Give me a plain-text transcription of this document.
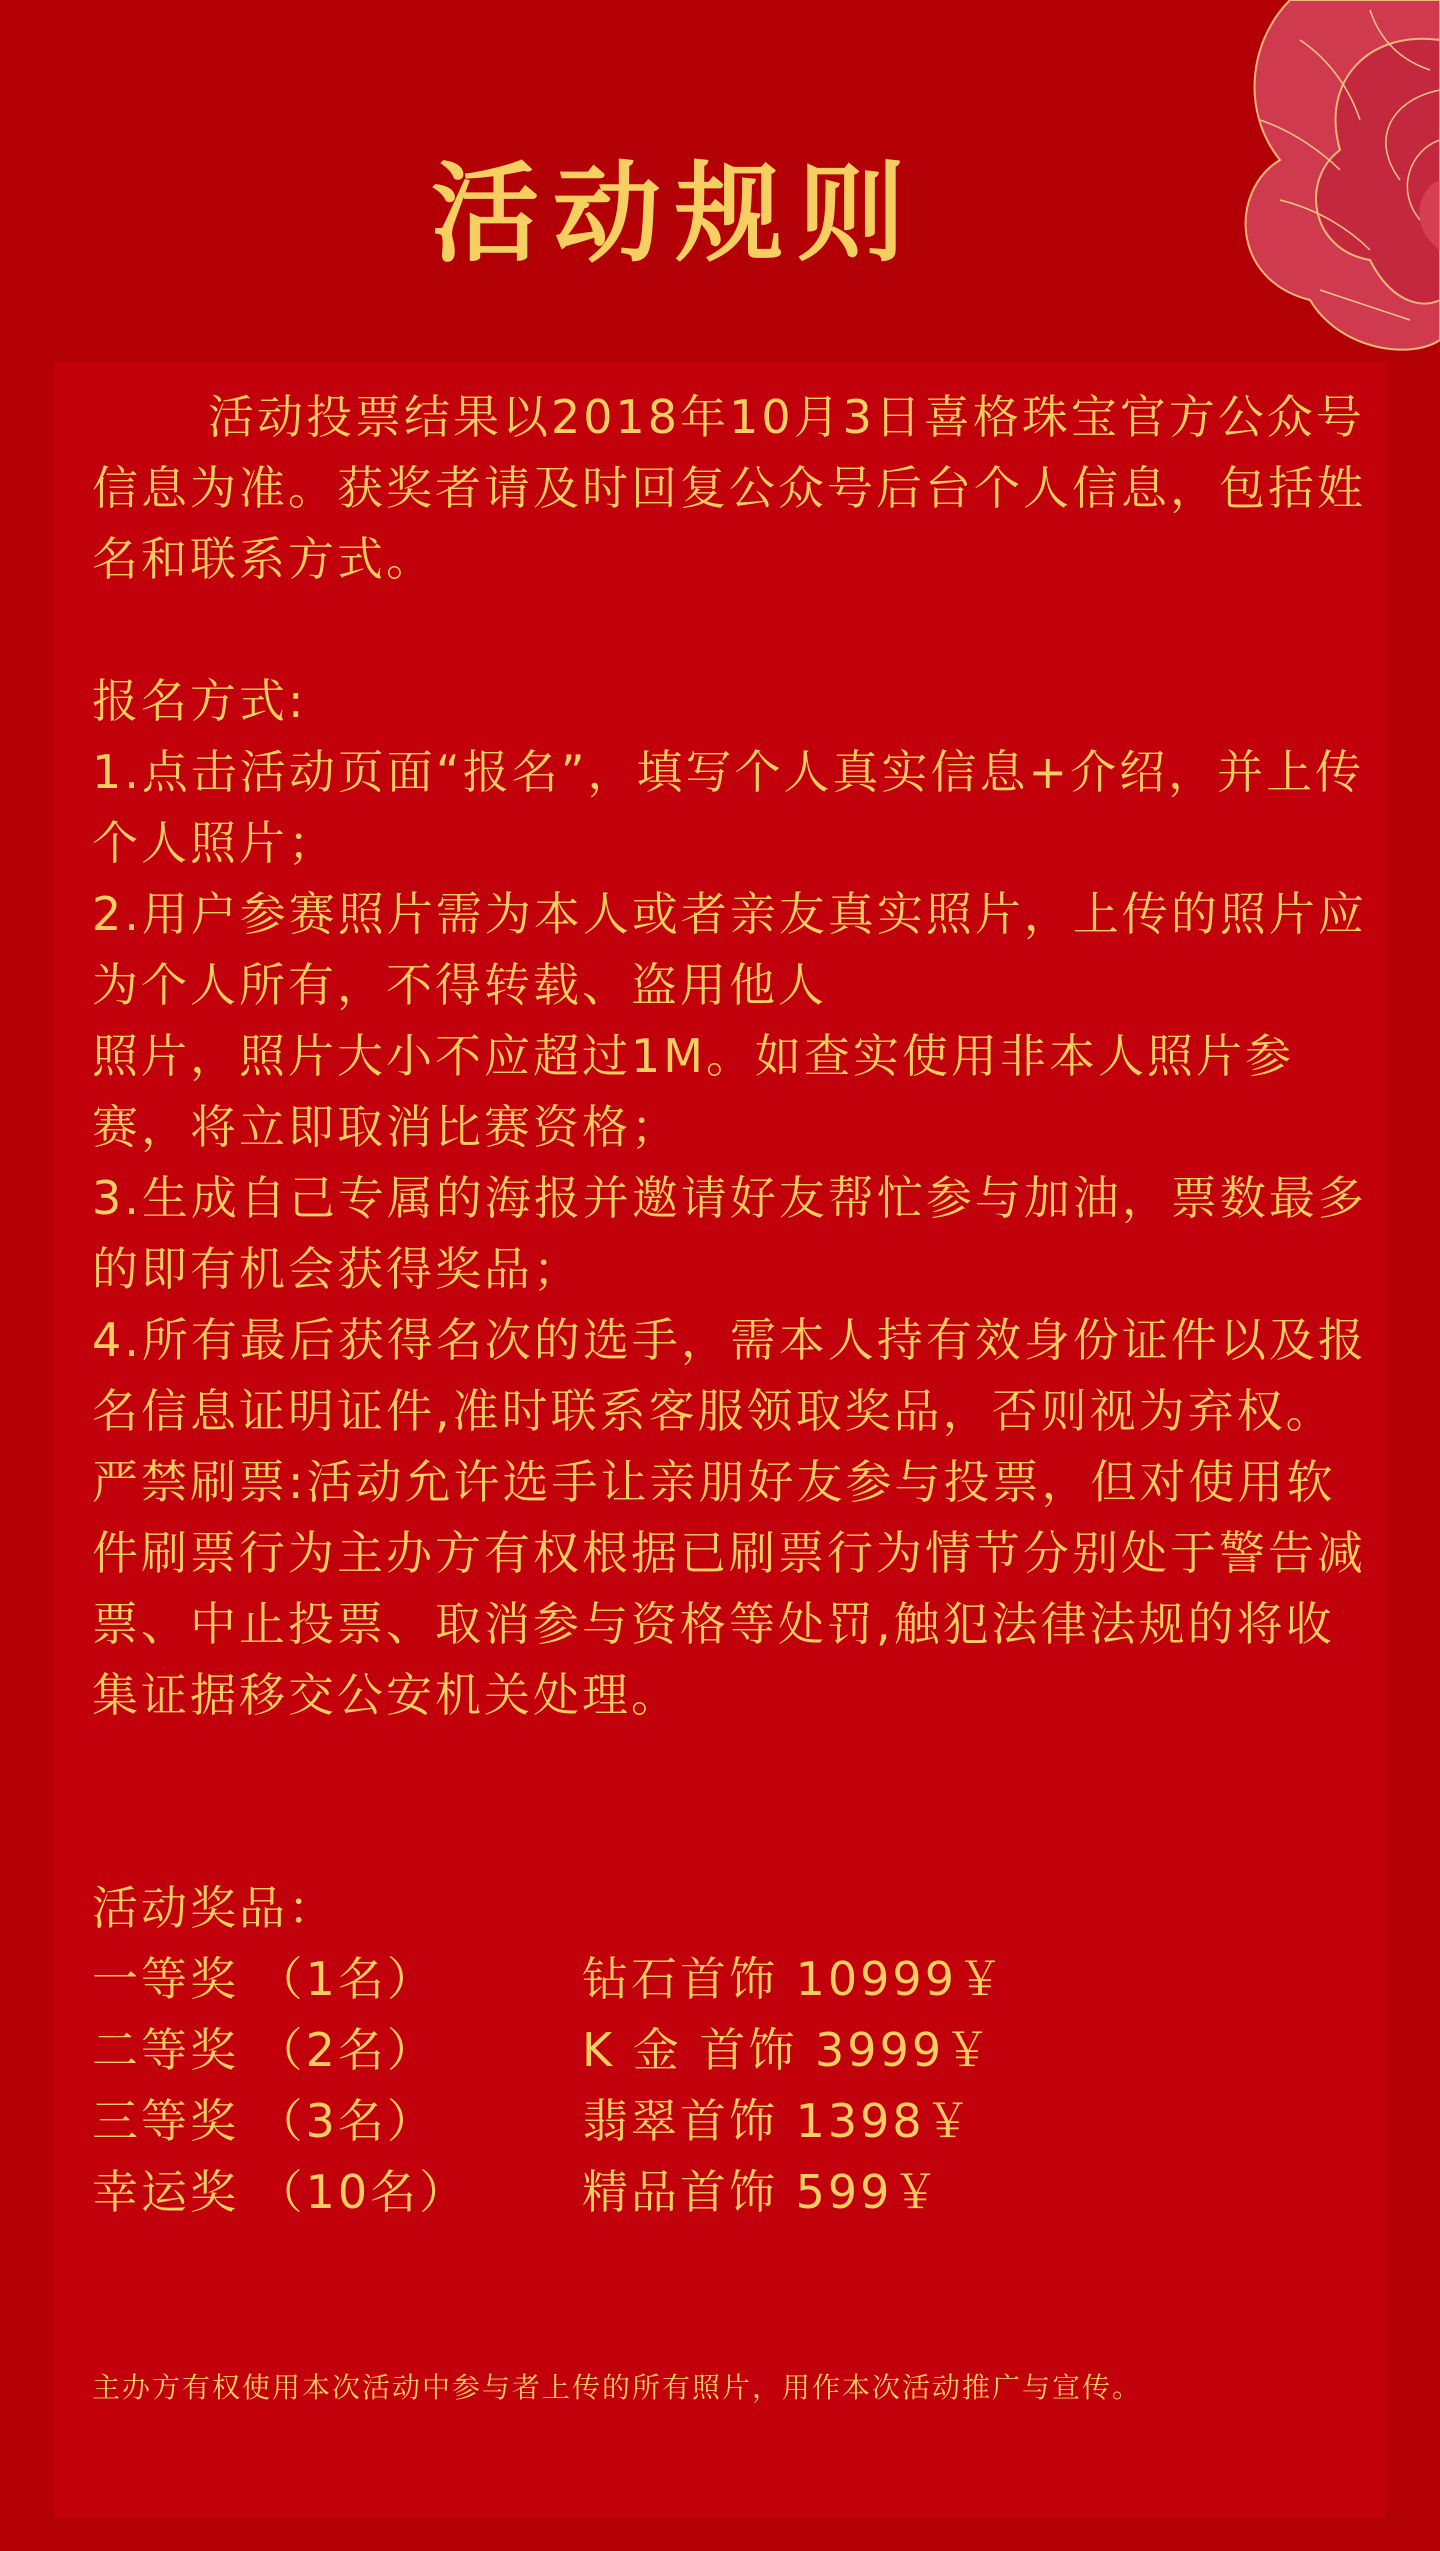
活动规则

活动投票结果以2018年10月3日喜格珠宝官方公众号信息为准。获奖者请及时回复公众号后台个人信息，包括姓名和联系方式。

报名方式:

1.点击活动页面“报名”，填写个人真实信息+介绍，并上传个人照片；

2.用户参赛照片需为本人或者亲友真实照片，上传的照片应为个人所有，不得转载、盗用他人

照片，照片大小不应超过1M。如查实使用非本人照片参赛，将立即取消比赛资格；

3.生成自己专属的海报并邀请好友帮忙参与加油，票数最多的即有机会获得奖品；

4.所有最后获得名次的选手，需本人持有效身份证件以及报名信息证明证件,准时联系客服领取奖品，否则视为弃权。

严禁刷票:活动允许选手让亲朋好友参与投票，但对使用软件刷票行为主办方有权根据已刷票行为情节分别处于警告减票、中止投票、取消参与资格等处罚,触犯法律法规的将收集证据移交公安机关处理。

活动奖品：

一等奖 （1名）	钻石首饰 10999￥
二等奖 （2名）	K 金 首饰 3999￥
三等奖 （3名）	翡翠首饰 1398￥
幸运奖 （10名）	精品首饰 599￥
主办方有权使用本次活动中参与者上传的所有照片，用作本次活动推广与宣传。
